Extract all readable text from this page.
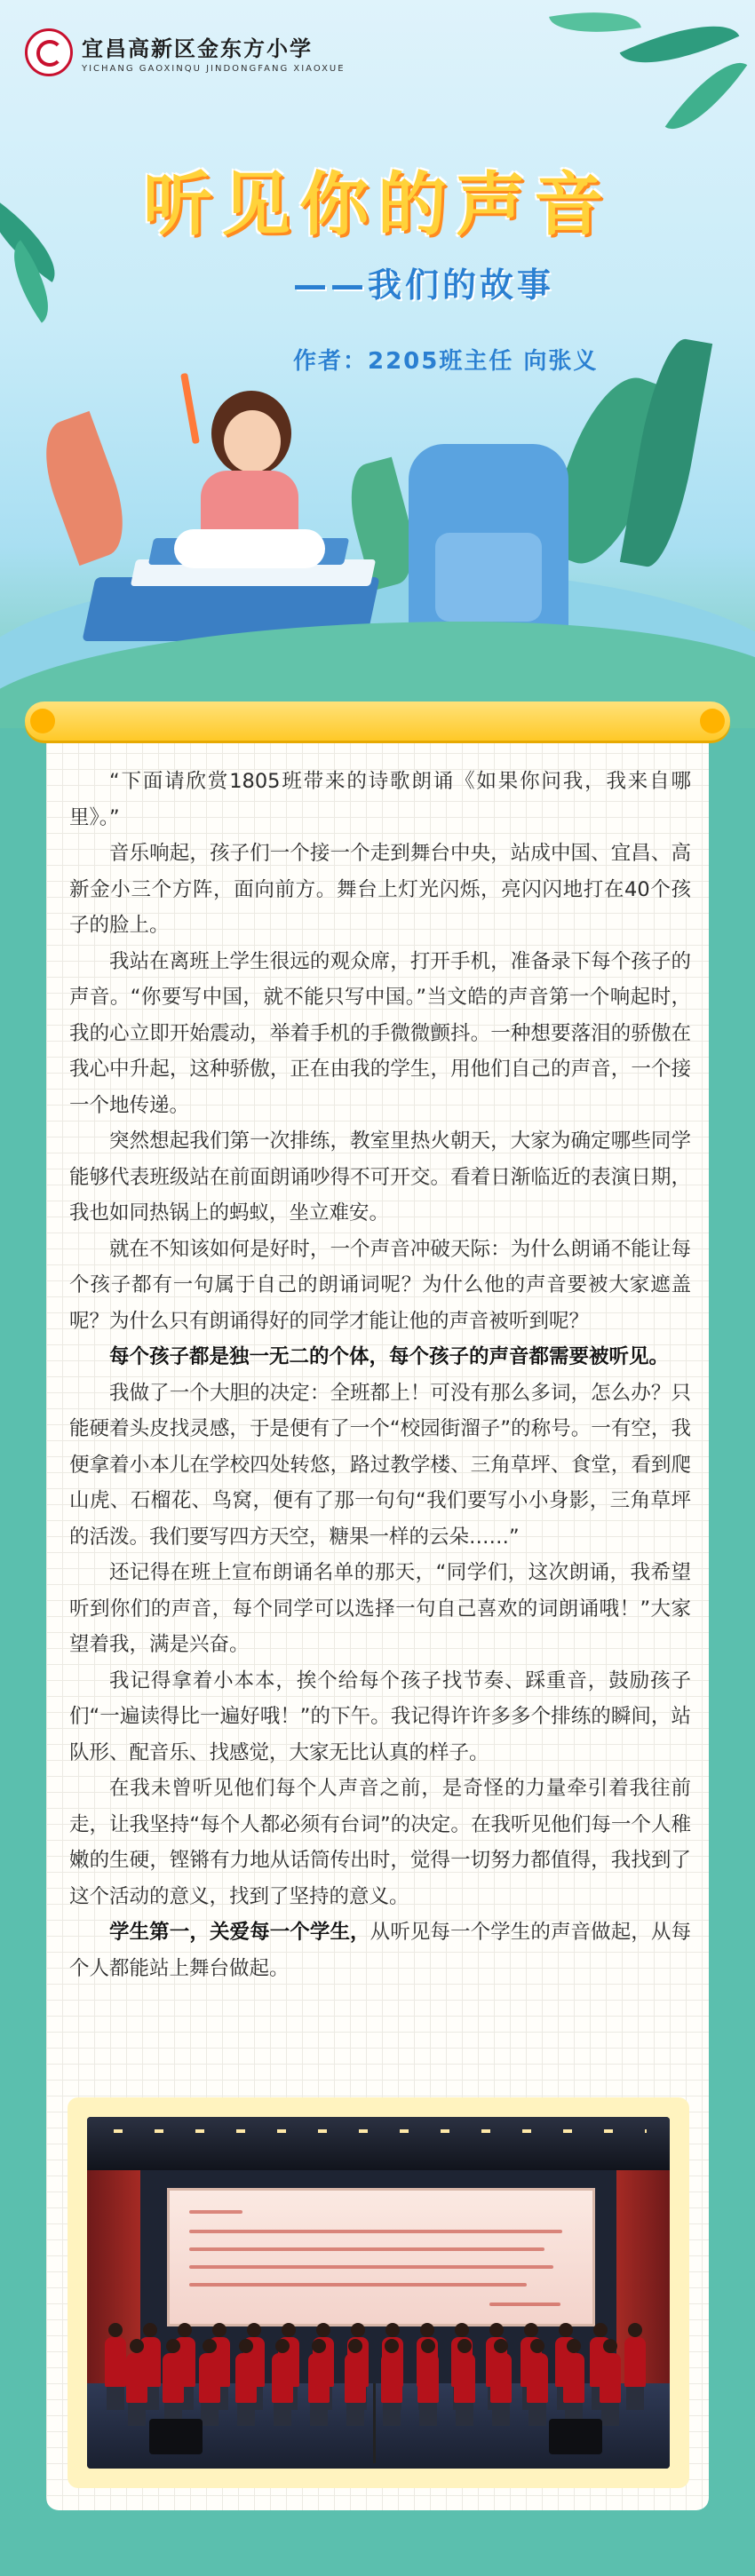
宜昌高新区金东方小学
YICHANG GAOXINQU JINDONGFANG XIAOXUE
听见你的声音
——我们的故事
作者：2205班主任 向张义

“下面请欣赏1805班带来的诗歌朗诵《如果你问我，我来自哪里》。”

音乐响起，孩子们一个接一个走到舞台中央，站成中国、宜昌、高新金小三个方阵，面向前方。舞台上灯光闪烁，亮闪闪地打在40个孩子的脸上。

我站在离班上学生很远的观众席，打开手机，准备录下每个孩子的声音。“你要写中国，就不能只写中国。”当文皓的声音第一个响起时，我的心立即开始震动，举着手机的手微微颤抖。一种想要落泪的骄傲在我心中升起，这种骄傲，正在由我的学生，用他们自己的声音，一个接一个地传递。

突然想起我们第一次排练，教室里热火朝天，大家为确定哪些同学能够代表班级站在前面朗诵吵得不可开交。看着日渐临近的表演日期，我也如同热锅上的蚂蚁，坐立难安。

就在不知该如何是好时，一个声音冲破天际：为什么朗诵不能让每个孩子都有一句属于自己的朗诵词呢？为什么他的声音要被大家遮盖呢？为什么只有朗诵得好的同学才能让他的声音被听到呢？

每个孩子都是独一无二的个体，每个孩子的声音都需要被听见。

我做了一个大胆的决定：全班都上！可没有那么多词，怎么办？只能硬着头皮找灵感，于是便有了一个“校园街溜子”的称号。一有空，我便拿着小本儿在学校四处转悠，路过教学楼、三角草坪、食堂，看到爬山虎、石榴花、鸟窝，便有了那一句句“我们要写小小身影，三角草坪的活泼。我们要写四方天空，糖果一样的云朵……”

还记得在班上宣布朗诵名单的那天，“同学们，这次朗诵，我希望听到你们的声音，每个同学可以选择一句自己喜欢的词朗诵哦！”大家望着我，满是兴奋。

我记得拿着小本本，挨个给每个孩子找节奏、踩重音，鼓励孩子们“一遍读得比一遍好哦！”的下午。我记得许许多多个排练的瞬间，站队形、配音乐、找感觉，大家无比认真的样子。

在我未曾听见他们每个人声音之前，是奇怪的力量牵引着我往前走，让我坚持“每个人都必须有台词”的决定。在我听见他们每一个人稚嫩的生硬，铿锵有力地从话筒传出时，觉得一切努力都值得，我找到了这个活动的意义，找到了坚持的意义。

学生第一，关爱每一个学生，从听见每一个学生的声音做起，从每个人都能站上舞台做起。
